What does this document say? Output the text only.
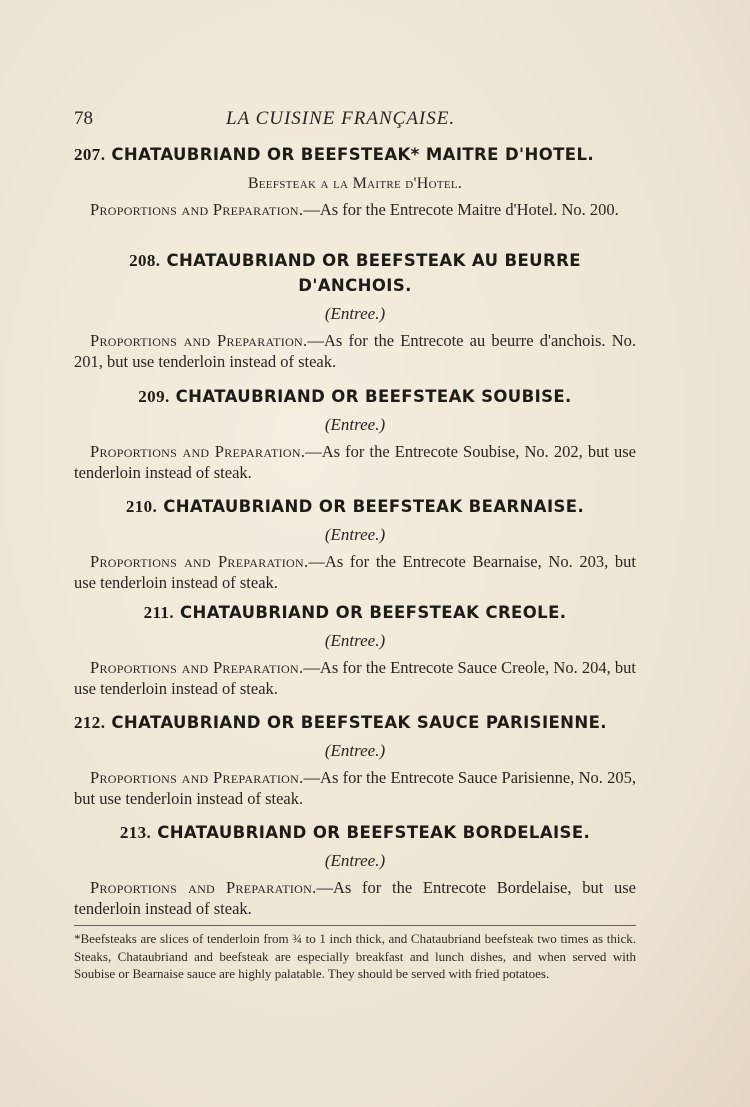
78	LA CUISINE FRANÇAISE.
207. CHATAUBRIAND OR BEEFSTEAK* MAITRE D'HOTEL.
Beefsteak a la Maitre d'Hotel.
Proportions and Preparation.—As for the Entrecote Maitre d'Hotel. No. 200.
208. CHATAUBRIAND OR BEEFSTEAK AU BEURRE
D'ANCHOIS.
(Entree.)
Proportions and Preparation.—As for the Entrecote au beurre d'anchois. No. 201, but use tenderloin instead of steak.
209. CHATAUBRIAND OR BEEFSTEAK SOUBISE.
(Entree.)
Proportions and Preparation.—As for the Entrecote Soubise, No. 202, but use tenderloin instead of steak.
210. CHATAUBRIAND OR BEEFSTEAK BEARNAISE.
(Entree.)
Proportions and Preparation.—As for the Entrecote Bearnaise, No. 203, but use tenderloin instead of steak.
211. CHATAUBRIAND OR BEEFSTEAK CREOLE.
(Entree.)
Proportions and Preparation.—As for the Entrecote Sauce Creole, No. 204, but use tenderloin instead of steak.
212. CHATAUBRIAND OR BEEFSTEAK SAUCE PARISIENNE.
(Entree.)
Proportions and Preparation.—As for the Entrecote Sauce Parisienne, No. 205, but use tenderloin instead of steak.
213. CHATAUBRIAND OR BEEFSTEAK BORDELAISE.
(Entree.)
Proportions and Preparation.—As for the Entrecote Bordelaise, but use tenderloin instead of steak.
*Beefsteaks are slices of tenderloin from ¾ to 1 inch thick, and Chataubriand beefsteak two times as thick. Steaks, Chataubriand and beefsteak are especially breakfast and lunch dishes, and when served with Soubise or Bearnaise sauce are highly palatable. They should be served with fried potatoes.
